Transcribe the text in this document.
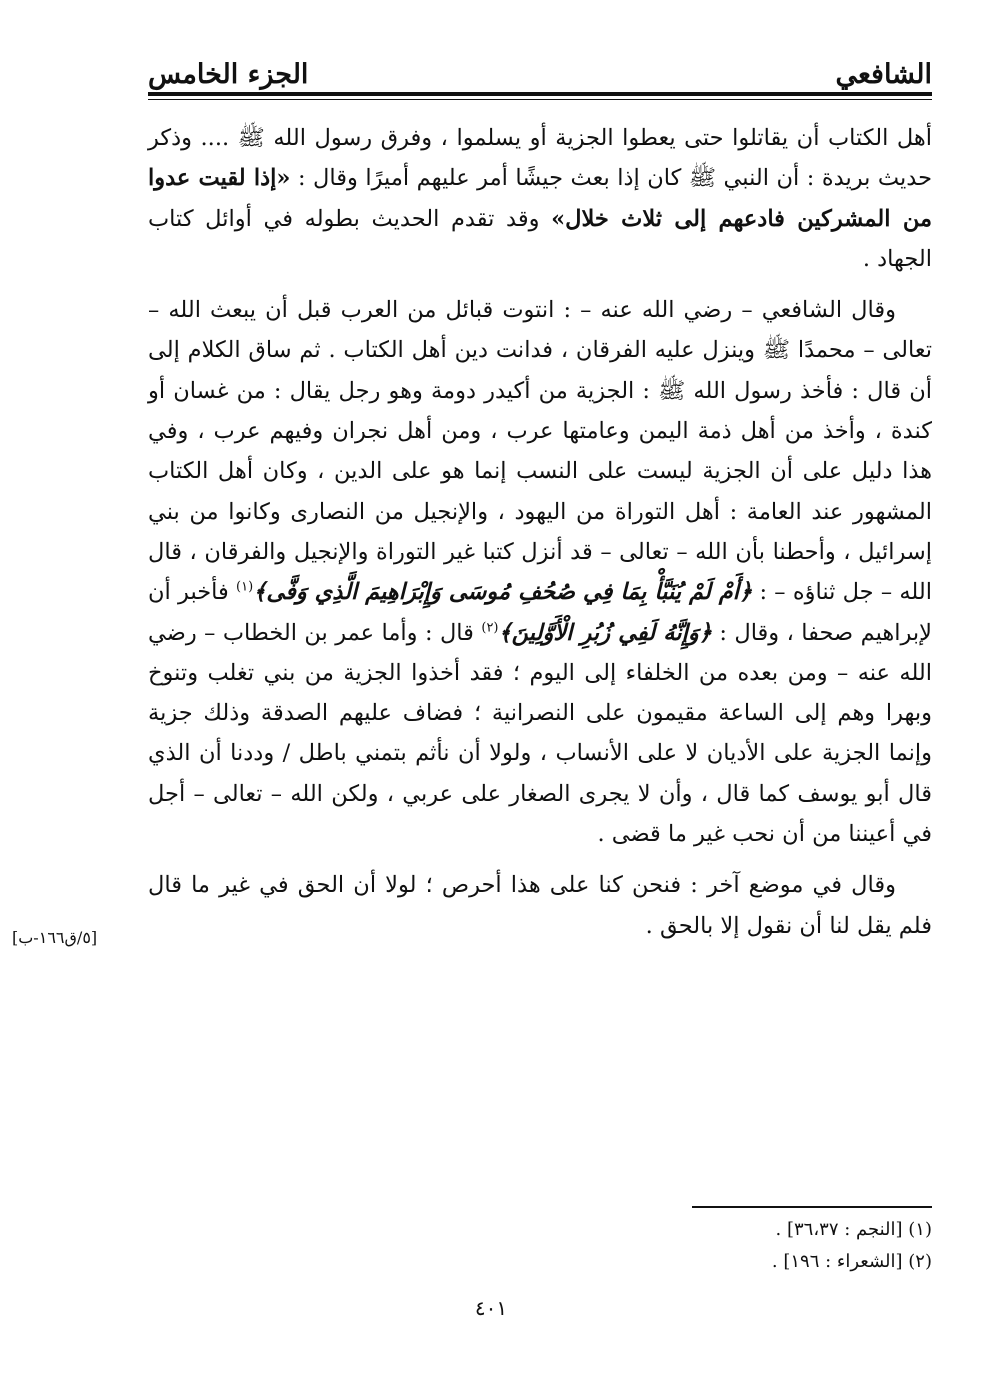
الشافعي
الجزء الخامس

أهل الكتاب أن يقاتلوا حتى يعطوا الجزية أو يسلموا ، وفرق رسول الله ﷺ .... وذكر حديث بريدة : أن النبي ﷺ كان إذا بعث جيشًا أمر عليهم أميرًا وقال : «إذا لقيت عدوا من المشركين فادعهم إلى ثلاث خلال» وقد تقدم الحديث بطوله في أوائل كتاب الجهاد .

وقال الشافعي – رضي الله عنه – : انتوت قبائل من العرب قبل أن يبعث الله – تعالى – محمدًا ﷺ وينزل عليه الفرقان ، فدانت دين أهل الكتاب . ثم ساق الكلام إلى أن قال : فأخذ رسول الله ﷺ : الجزية من أكيدر دومة وهو رجل يقال : من غسان أو كندة ، وأخذ من أهل ذمة اليمن وعامتها عرب ، ومن أهل نجران وفيهم عرب ، وفي هذا دليل على أن الجزية ليست على النسب إنما هو على الدين ، وكان أهل الكتاب المشهور عند العامة : أهل التوراة من اليهود ، والإنجيل من النصارى وكانوا من بني إسرائيل ، وأحطنا بأن الله – تعالى – قد أنزل كتبا غير التوراة والإنجيل والفرقان ، قال الله – جل ثناؤه – : ﴿أَمْ لَمْ يُنَبَّأْ بِمَا فِي صُحُفِ مُوسَى وَإِبْرَاهِيمَ الَّذِي وَفَّى﴾$^{(١)}$ فأخبر أن لإبراهيم صحفا ، وقال : ﴿وَإِنَّهُ لَفِي زُبُرِ الْأَوَّلِينَ﴾$^{(٢)}$ قال : وأما عمر بن الخطاب – رضي الله عنه – ومن بعده من الخلفاء إلى اليوم ؛ فقد أخذوا الجزية من بني تغلب وتنوخ وبهرا وهم إلى الساعة مقيمون على النصرانية ؛ فضاف عليهم الصدقة وذلك جزية وإنما الجزية على الأديان لا على الأنساب ، ولولا أن نأثم بتمني باطل / وددنا أن الذي قال أبو يوسف كما قال ، وأن لا يجرى الصغار على عربي ، ولكن الله – تعالى – أجل في أعيننا من أن نحب غير ما قضى .

وقال في موضع آخر : فنحن كنا على هذا أحرص ؛ لولا أن الحق في غير ما قال فلم يقل لنا أن نقول إلا بالحق .

[٥/ق١٦٦-ب]
(١) [النجم : ٣٦،٣٧] .
(٢) [الشعراء : ١٩٦] .
٤٠١
